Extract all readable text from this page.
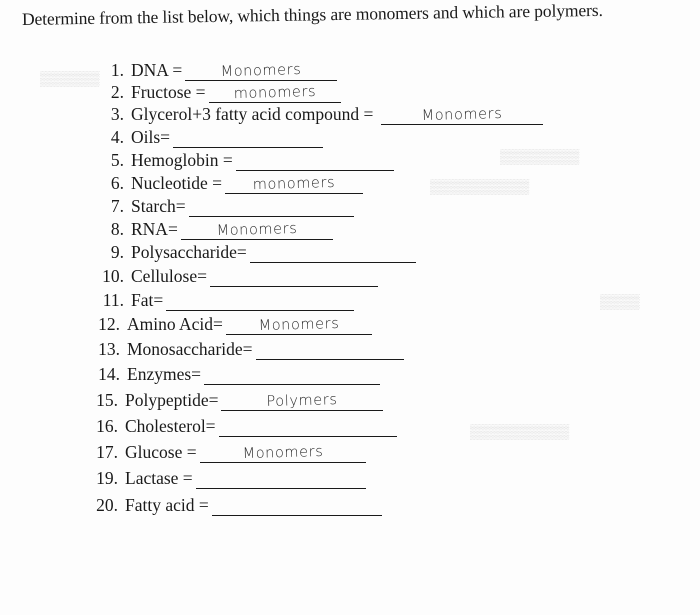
▒▒▒▒▒▒
▒▒▒▒▒▒▒▒
▒▒▒▒▒▒▒▒▒▒
▒▒▒▒
▒▒▒▒▒▒▒▒▒▒
Determine from the list below, which things are monomers and which are polymers.
1. DNA =	Monomers
2. Fructose =	monomers
3. Glycerol+3 fatty acid compound =	Monomers
4. Oils=
5. Hemoglobin =
6. Nucleotide =	monomers
7. Starch=
8. RNA=	Monomers
9. Polysaccharide=
10. Cellulose=
11. Fat=
12. Amino Acid=	Monomers
13. Monosaccharide=
14. Enzymes=
15. Polypeptide=	Polymers
16. Cholesterol=
17. Glucose =	Monomers
19. Lactase =
20. Fatty acid =
